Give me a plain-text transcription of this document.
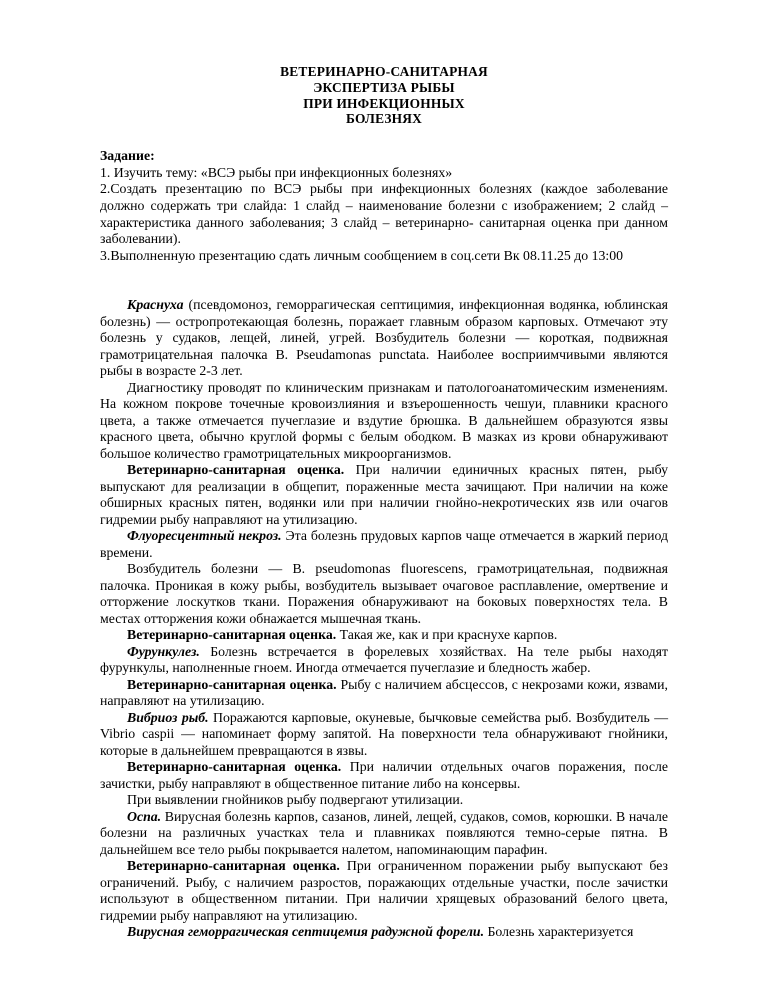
ВЕТЕРИНАРНО-САНИТАРНАЯ
ЭКСПЕРТИЗА РЫБЫ
ПРИ ИНФЕКЦИОННЫХ
БОЛЕЗНЯХ
Задание:

1. Изучить тему: «ВСЭ рыбы при инфекционных болезнях»

2.Создать презентацию по ВСЭ рыбы при инфекционных болезнях (каждое заболевание должно содержать три слайда: 1 слайд – наименование болезни с изображением; 2 слайд – характеристика данного заболевания; 3 слайд – ветеринарно- санитарная оценка при данном заболевании).

3.Выполненную презентацию сдать личным сообщением в соц.сети Вк 08.11.25 до 13:00

Краснуха (псевдомоноз, геморрагическая септицимия, инфекционная водянка, юблинская болезнь) — остропротекающая болезнь, поражает главным образом карповых. Отмечают эту болезнь у судаков, лещей, линей, угрей. Возбудитель болезни — короткая, подвижная грамотрицательная палочка B. Pseudamonas punctata. Наиболее восприимчивыми являются рыбы в возрасте 2-3 лет.

Диагностику проводят по клиническим признакам и патологоанатомическим изменениям. На кожном покрове точечные кровоизлияния и взъерошенность чешуи, плавники красного цвета, а также отмечается пучеглазие и вздутие брюшка. В дальнейшем образуются язвы красного цвета, обычно круглой формы с белым ободком. В мазках из крови обнаруживают большое количество грамотрицательных микроорганизмов.

Ветеринарно-санитарная оценка. При наличии единичных красных пятен, рыбу выпускают для реализации в общепит, пораженные места зачищают. При наличии на коже обширных красных пятен, водянки или при наличии гнойно-некротических язв или очагов гидремии рыбу направляют на утилизацию.

Флуоресцентный некроз. Эта болезнь прудовых карпов чаще отмечается в жаркий период времени.

Возбудитель болезни — B. pseudomonas fluorescens, грамотрицательная, подвижная палочка. Проникая в кожу рыбы, возбудитель вызывает очаговое расплавление, омертвение и отторжение лоскутков ткани. Поражения обнаруживают на боковых поверхностях тела. В местах отторжения кожи обнажается мышечная ткань.

Ветеринарно-санитарная оценка. Такая же, как и при краснухе карпов.

Фурункулез. Болезнь встречается в форелевых хозяйствах. На теле рыбы находят фурункулы, наполненные гноем. Иногда отмечается пучеглазие и бледность жабер.

Ветеринарно-санитарная оценка. Рыбу с наличием абсцессов, с некрозами кожи, язвами, направляют на утилизацию.

Вибриоз рыб. Поражаются карповые, окуневые, бычковые семейства рыб. Возбудитель — Vibrio caspii — напоминает форму запятой. На поверхности тела обнаруживают гнойники, которые в дальнейшем превращаются в язвы.

Ветеринарно-санитарная оценка. При наличии отдельных очагов поражения, после зачистки, рыбу направляют в общественное питание либо на консервы.

При выявлении гнойников рыбу подвергают утилизации.

Оспа. Вирусная болезнь карпов, сазанов, линей, лещей, судаков, сомов, корюшки. В начале болезни на различных участках тела и плавниках появляются темно-серые пятна. В дальнейшем все тело рыбы покрывается налетом, напоминающим парафин.

Ветеринарно-санитарная оценка. При ограниченном поражении рыбу выпускают без ограничений. Рыбу, с наличием разростов, поражающих отдельные участки, после зачистки используют в общественном питании. При наличии хрящевых образований белого цвета, гидремии рыбу направляют на утилизацию.

Вирусная геморрагическая септицемия радужной форели. Болезнь характеризуется
